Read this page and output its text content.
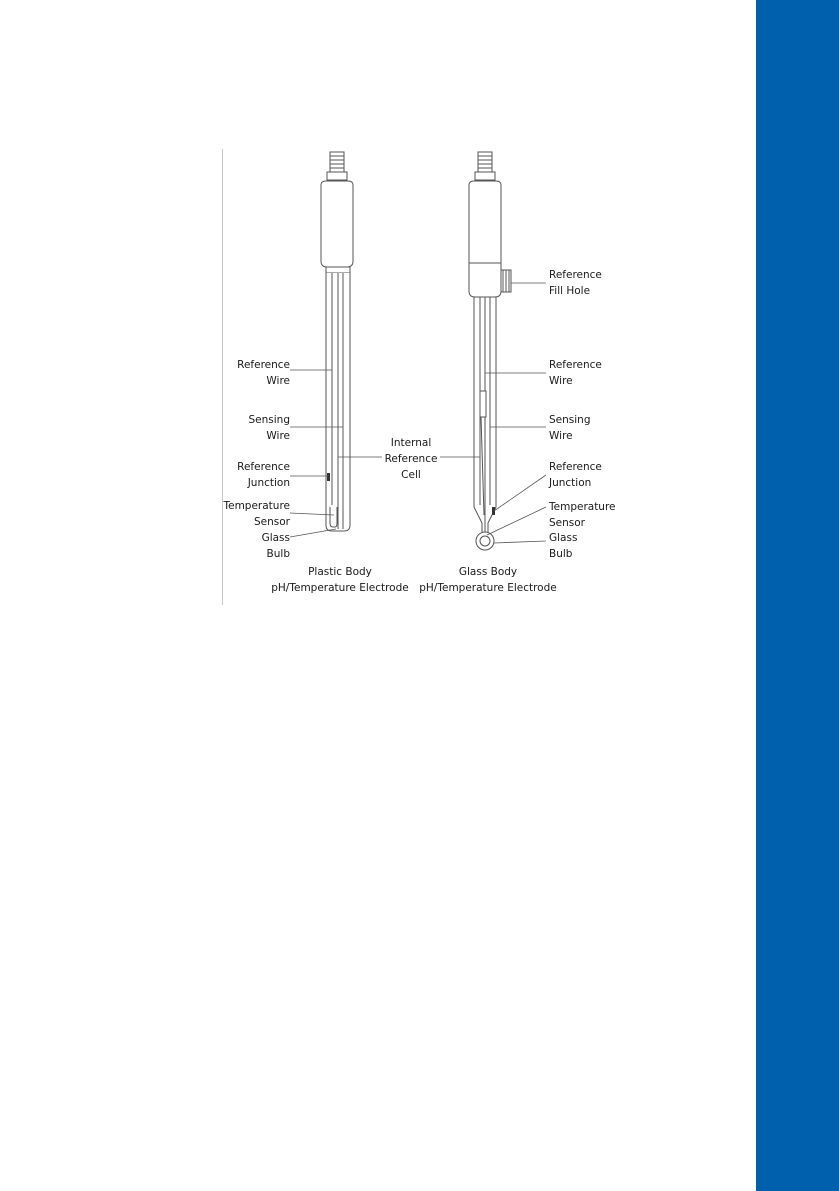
Reference
Wire
Sensing
Wire
Reference
Junction
Temperature
Sensor
Glass
Bulb
Internal
Reference
Cell
Reference
Fill Hole
Reference
Wire
Sensing
Wire
Reference
Junction
Temperature
Sensor
Glass
Bulb
Plastic Body
pH/Temperature Electrode
Glass Body
pH/Temperature Electrode
